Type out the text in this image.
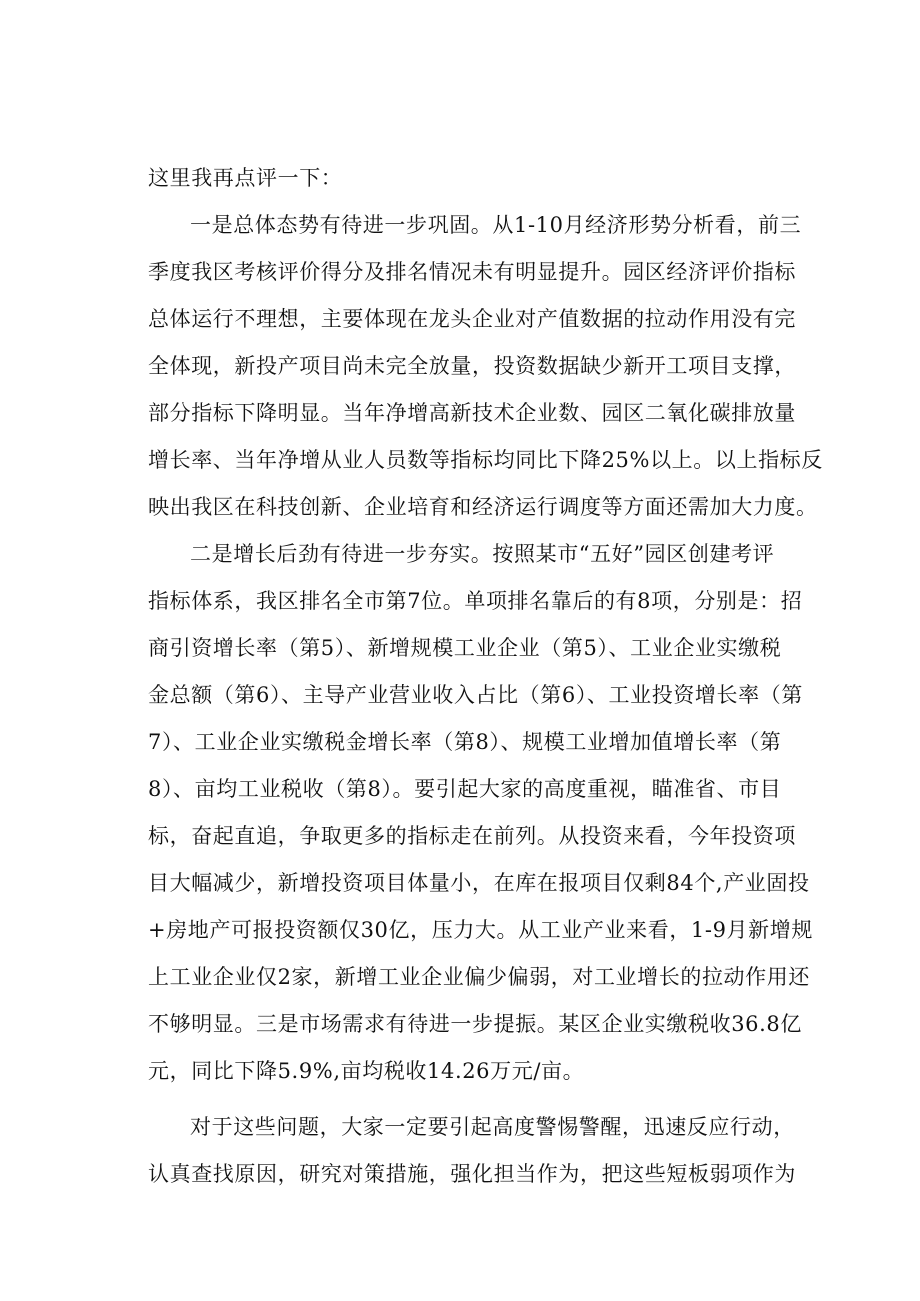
这里我再点评一下：
一是总体态势有待进一步巩固。从1-10月经济形势分析看，前三
季度我区考核评价得分及排名情况未有明显提升。园区经济评价指标
总体运行不理想，主要体现在龙头企业对产值数据的拉动作用没有完
全体现，新投产项目尚未完全放量，投资数据缺少新开工项目支撑，
部分指标下降明显。当年净增高新技术企业数、园区二氧化碳排放量
增长率、当年净增从业人员数等指标均同比下降25%以上。以上指标反
映出我区在科技创新、企业培育和经济运行调度等方面还需加大力度。
二是增长后劲有待进一步夯实。按照某市“五好”园区创建考评
指标体系，我区排名全市第7位。单项排名靠后的有8项，分别是：招
商引资增长率（第5）、新增规模工业企业（第5）、工业企业实缴税
金总额（第6）、主导产业营业收入占比（第6）、工业投资增长率（第
7）、工业企业实缴税金增长率（第8）、规模工业增加值增长率（第
8）、亩均工业税收（第8）。要引起大家的高度重视，瞄准省、市目
标，奋起直追，争取更多的指标走在前列。从投资来看，今年投资项
目大幅减少，新增投资项目体量小，在库在报项目仅剩84个,产业固投
+房地产可报投资额仅30亿，压力大。从工业产业来看，1-9月新增规
上工业企业仅2家，新增工业企业偏少偏弱，对工业增长的拉动作用还
不够明显。三是市场需求有待进一步提振。某区企业实缴税收36.8亿
元，同比下降5.9%,亩均税收14.26万元/亩。
对于这些问题，大家一定要引起高度警惕警醒，迅速反应行动，
认真查找原因，研究对策措施，强化担当作为，把这些短板弱项作为
